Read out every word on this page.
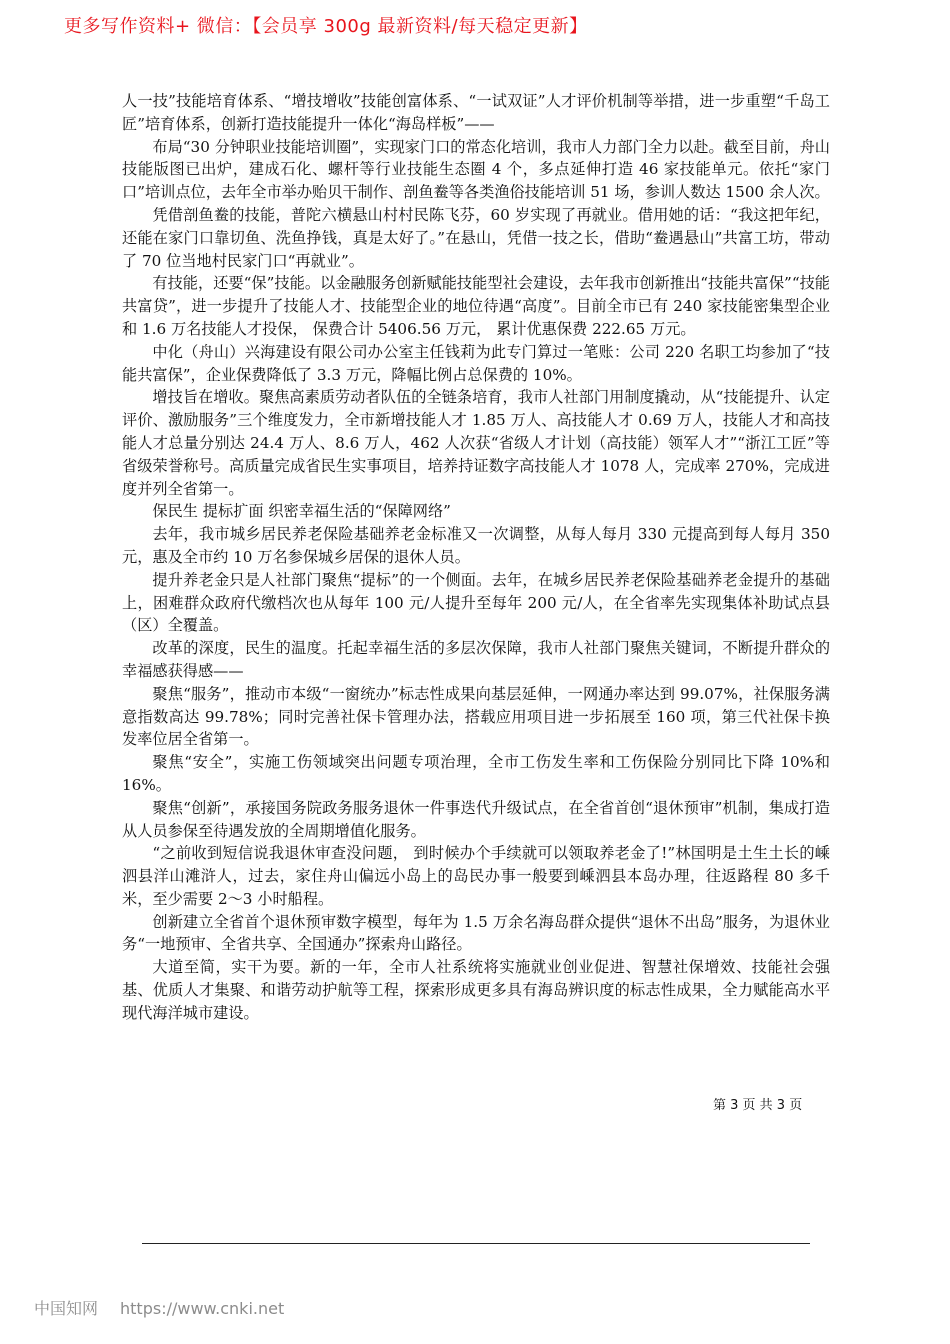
更多写作资料+ 微信：【会员享 300g 最新资料/每天稳定更新】

人一技”技能培育体系、“增技增收”技能创富体系、“一试双证”人才评价机制等举措，进一步重塑“千岛工匠”培育体系，创新打造技能提升一体化“海岛样板”——

布局“30 分钟职业技能培训圈”，实现家门口的常态化培训，我市人力部门全力以赴。截至目前，舟山技能版图已出炉，建成石化、螺杆等行业技能生态圈 4 个，多点延伸打造 46 家技能单元。依托“家门口”培训点位，去年全市举办贻贝干制作、剖鱼鲞等各类渔俗技能培训 51 场，参训人数达 1500 余人次。

凭借剖鱼鲞的技能，普陀六横悬山村村民陈飞芬，60 岁实现了再就业。借用她的话：“我这把年纪，还能在家门口靠切鱼、洗鱼挣钱，真是太好了。”在悬山，凭借一技之长，借助“鲞遇悬山”共富工坊，带动了 70 位当地村民家门口“再就业”。

有技能，还要“保”技能。以金融服务创新赋能技能型社会建设，去年我市创新推出“技能共富保”“技能共富贷”，进一步提升了技能人才、技能型企业的地位待遇“高度”。目前全市已有 240 家技能密集型企业和 1.6 万名技能人才投保， 保费合计 5406.56 万元， 累计优惠保费 222.65 万元。

中化（舟山）兴海建设有限公司办公室主任钱莉为此专门算过一笔账：公司 220 名职工均参加了“技能共富保”，企业保费降低了 3.3 万元，降幅比例占总保费的 10%。

增技旨在增收。聚焦高素质劳动者队伍的全链条培育，我市人社部门用制度撬动，从“技能提升、认定评价、激励服务”三个维度发力，全市新增技能人才 1.85 万人、高技能人才 0.69 万人，技能人才和高技能人才总量分别达 24.4 万人、8.6 万人，462 人次获“省级人才计划（高技能）领军人才”“浙江工匠”等省级荣誉称号。高质量完成省民生实事项目，培养持证数字高技能人才 1078 人，完成率 270%，完成进度并列全省第一。

保民生 提标扩面 织密幸福生活的“保障网络”

去年，我市城乡居民养老保险基础养老金标准又一次调整，从每人每月 330 元提高到每人每月 350 元，惠及全市约 10 万名参保城乡居保的退休人员。

提升养老金只是人社部门聚焦“提标”的一个侧面。去年，在城乡居民养老保险基础养老金提升的基础上，困难群众政府代缴档次也从每年 100 元/人提升至每年 200 元/人，在全省率先实现集体补助试点县（区）全覆盖。

改革的深度，民生的温度。托起幸福生活的多层次保障，我市人社部门聚焦关键词，不断提升群众的幸福感获得感——

聚焦“服务”，推动市本级“一窗统办”标志性成果向基层延伸，一网通办率达到 99.07%，社保服务满意指数高达 99.78%；同时完善社保卡管理办法，搭载应用项目进一步拓展至 160 项，第三代社保卡换发率位居全省第一。

聚焦“安全”，实施工伤领域突出问题专项治理，全市工伤发生率和工伤保险分别同比下降 10%和 16%。

聚焦“创新”，承接国务院政务服务退休一件事迭代升级试点，在全省首创“退休预审”机制，集成打造从人员参保至待遇发放的全周期增值化服务。

“之前收到短信说我退休审查没问题， 到时候办个手续就可以领取养老金了!”林国明是土生土长的嵊泗县洋山滩浒人，过去，家住舟山偏远小岛上的岛民办事一般要到嵊泗县本岛办理，往返路程 80 多千米，至少需要 2～3 小时船程。

创新建立全省首个退休预审数字模型，每年为 1.5 万余名海岛群众提供“退休不出岛”服务，为退休业务“一地预审、全省共享、全国通办”探索舟山路径。

大道至简，实干为要。新的一年，全市人社系统将实施就业创业促进、智慧社保增效、技能社会强基、优质人才集聚、和谐劳动护航等工程，探索形成更多具有海岛辨识度的标志性成果，全力赋能高水平现代海洋城市建设。

第 3 页 共 3 页
中国知网 https://www.cnki.net
